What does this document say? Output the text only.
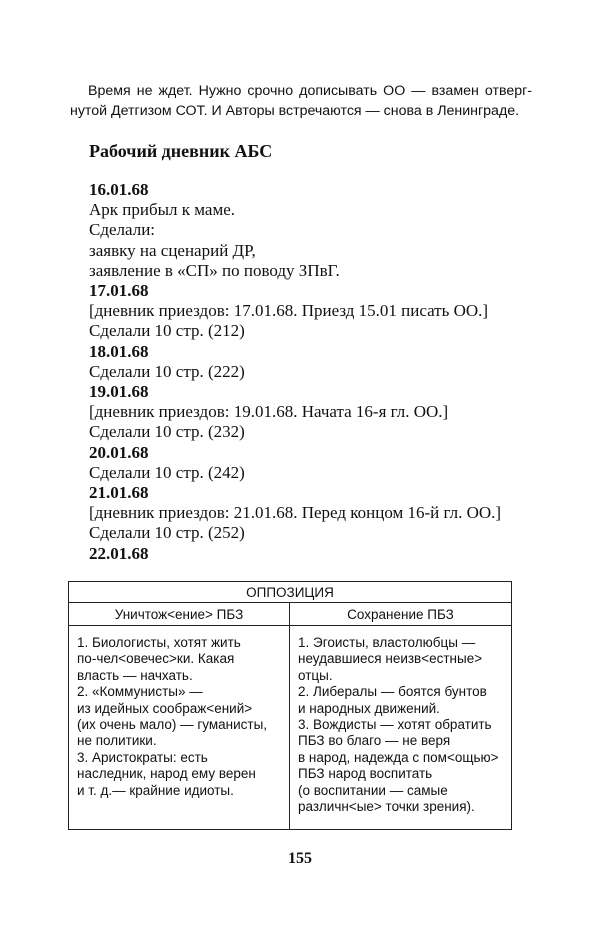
Время не ждет. Нужно срочно дописывать ОО — взамен отверг-
нутой Детгизом СОТ. И Авторы встречаются — снова в Ленинграде.
Рабочий дневник АБС
16.01.68
Арк прибыл к маме.
Сделали:
заявку на сценарий ДР,
заявление в «СП» по поводу ЗПвГ.
17.01.68
[дневник приездов: 17.01.68. Приезд 15.01 писать ОО.]
Сделали 10 стр. (212)
18.01.68
Сделали 10 стр. (222)
19.01.68
[дневник приездов: 19.01.68. Начата 16-я гл. ОО.]
Сделали 10 стр. (232)
20.01.68
Сделали 10 стр. (242)
21.01.68
[дневник приездов: 21.01.68. Перед концом 16-й гл. ОО.]
Сделали 10 стр. (252)
22.01.68
ОППОЗИЦИЯ
Уничтож<ение> ПБЗ
1. Биологисты, хотят жить
по-чел<овечес>ки. Какая
власть — начхать.
2. «Коммунисты» —
из идейных соображ<ений>
(их очень мало) — гуманисты,
не политики.
3. Аристократы: есть
наследник, народ ему верен
и т. д.— крайние идиоты.
Сохранение ПБЗ
1. Эгоисты, властолюбцы —
неудавшиеся неизв<естные>
отцы.
2. Либералы — боятся бунтов
и народных движений.
3. Вождисты — хотят обратить
ПБЗ во благо — не веря
в народ, надежда с пом<ощью>
ПБЗ народ воспитать
(о воспитании — самые
различн<ые> точки зрения).
155
